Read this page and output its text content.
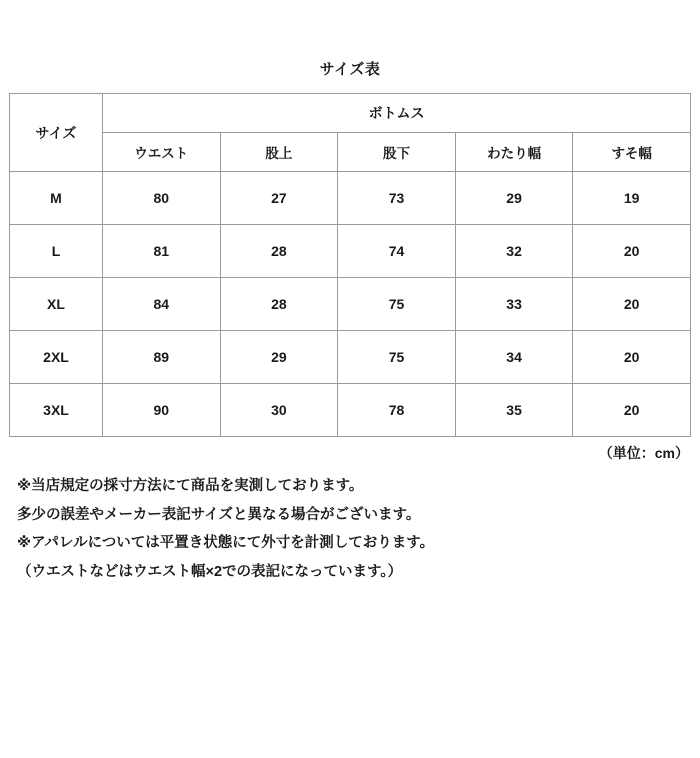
サイズ表
サイズ	ボトムス				
	ウエスト	股上	股下	わたり幅	すそ幅
M	80	27	73	29	19
L	81	28	74	32	20
XL	84	28	75	33	20
2XL	89	29	75	34	20
3XL	90	30	78	35	20
（単位：cm）

※当店規定の採寸方法にて商品を実測しております。

多少の誤差やメーカー表記サイズと異なる場合がございます。

※アパレルについては平置き状態にて外寸を計測しております。

（ウエストなどはウエスト幅×2での表記になっています。）
